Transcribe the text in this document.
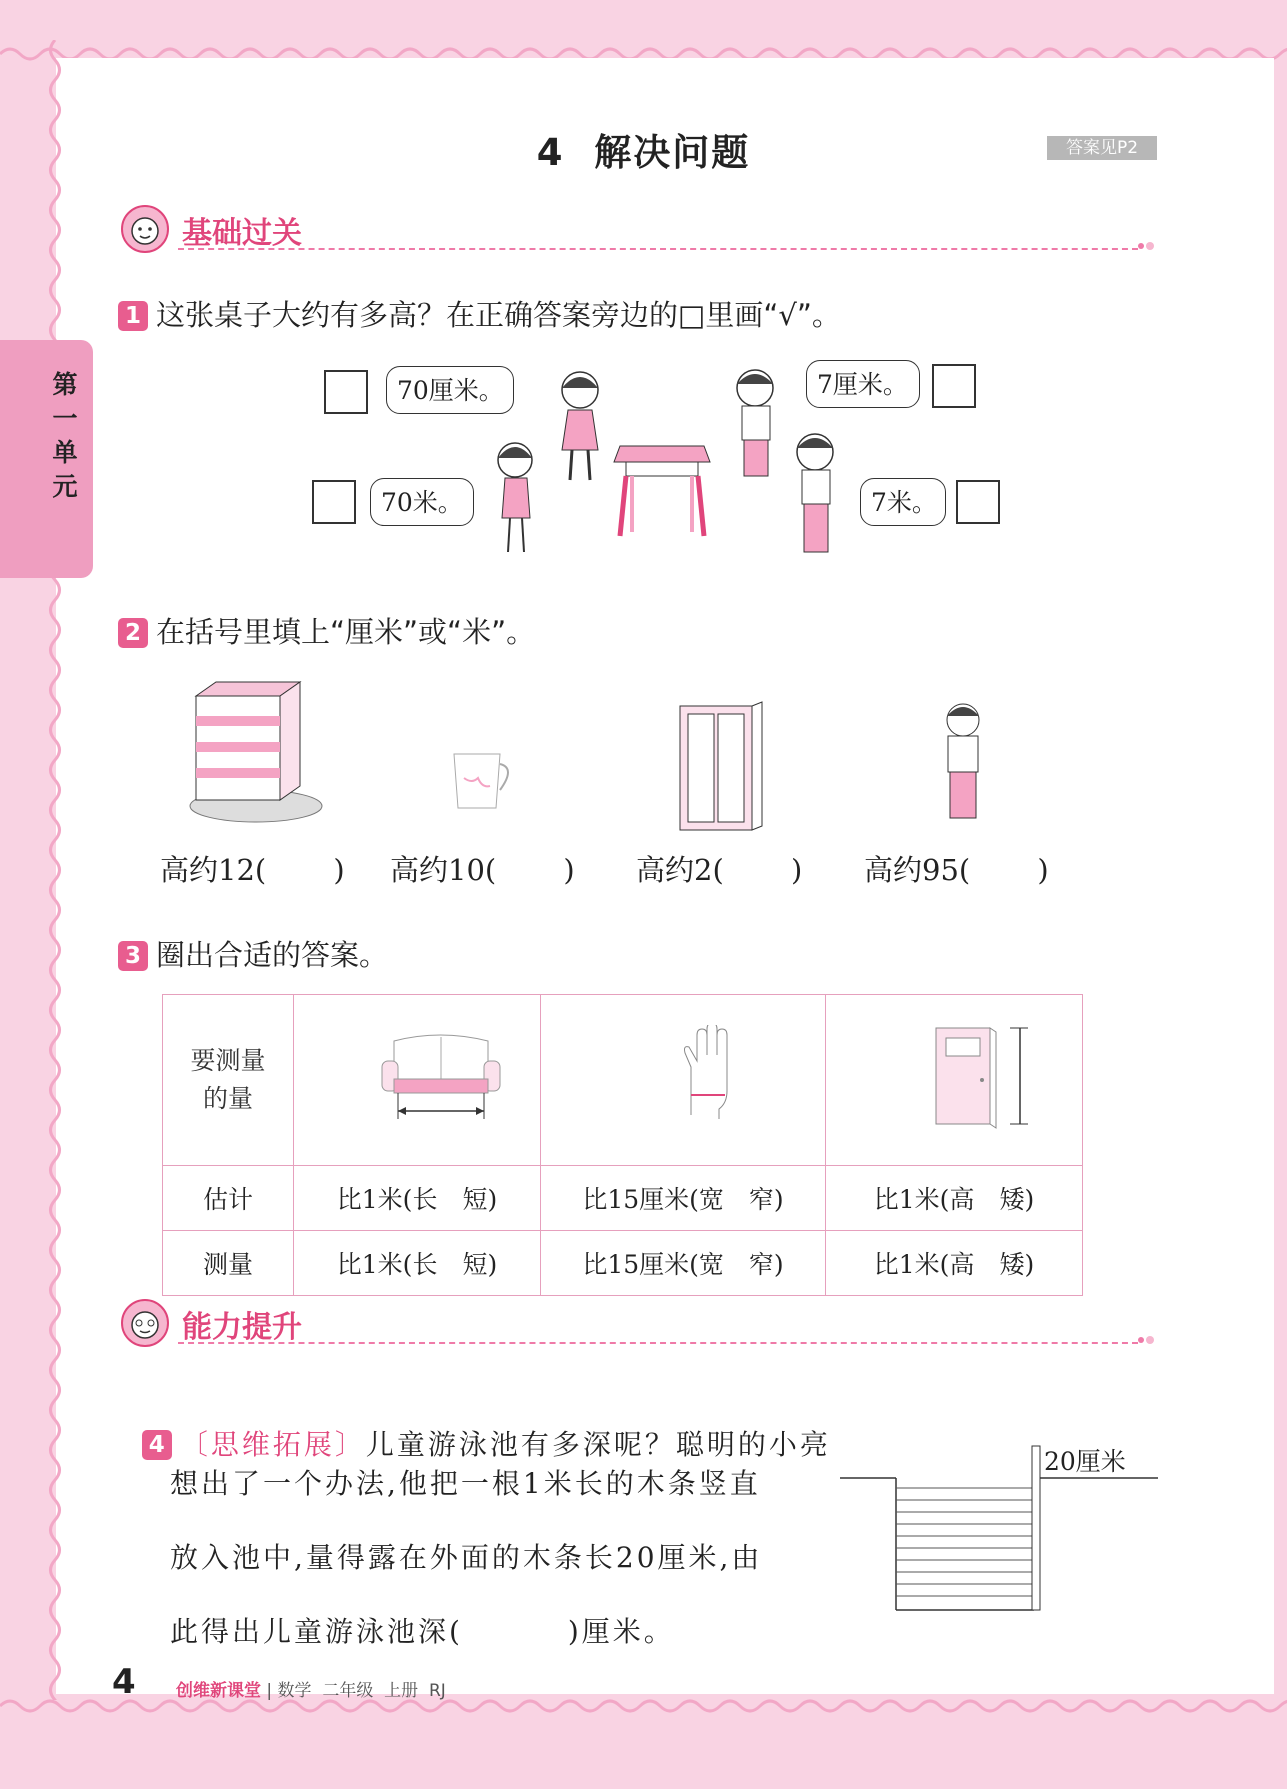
第一单元
4  解决问题	答案见P2
基础过关
1 这张桌子大约有多高？在正确答案旁边的□里画“√”。
70厘米。	7厘米。
70米。	7米。
2 在括号里填上“厘米”或“米”。
高约12(　　 ) 高约10(　　 ) 高约2(　　 ) 高约95(　　 )
3 圈出合适的答案。
要测量
的量	

估计	比1米(长　短)	比15厘米(宽　窄)	比1米(高　矮)
测量	比1米(长　短)	比15厘米(宽　窄)	比1米(高　矮)
能力提升

4 〔思维拓展〕儿童游泳池有多深呢？聪明的小亮

想出了一个办法,他把一根1米长的木条竖直
放入池中,量得露在外面的木条长20厘米,由
此得出儿童游泳池深(　　　 )厘米。
20厘米
4 创维新课堂 | 数学  二年级  上册  RJ
